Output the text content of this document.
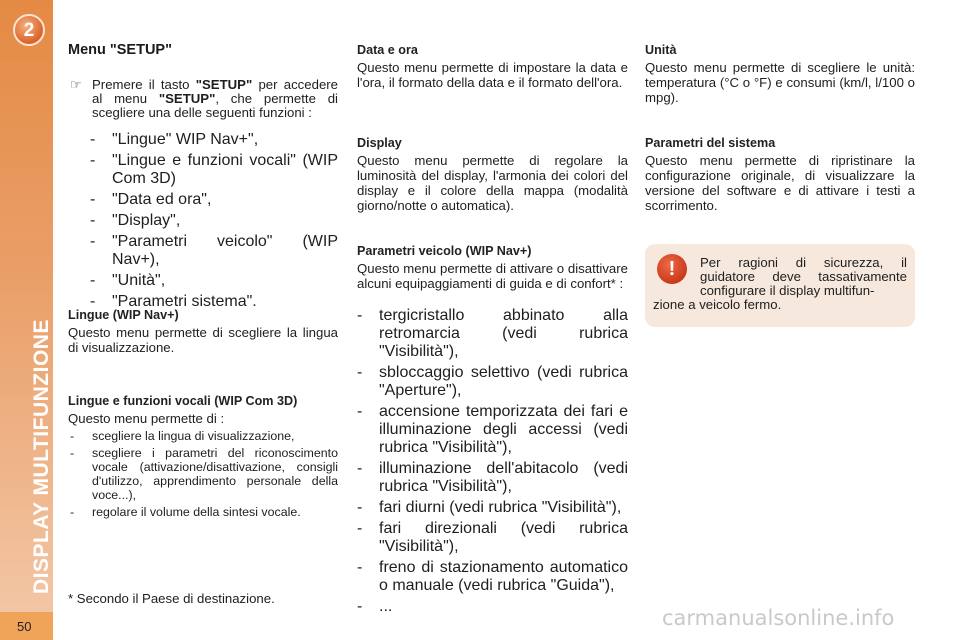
2
DISPLAY MULTIFUNZIONE
50
Menu "SETUP"
☞ Premere il tasto "SETUP" per accedere al menu "SETUP", che permette di scegliere una delle seguenti funzioni :
- "Lingue" WIP Nav+",
- "Lingue e funzioni vocali" (WIP Com 3D)
- "Data ed ora",
- "Display",
- "Parametri veicolo" (WIP Nav+),
- "Unità",
- "Parametri sistema".
Lingue (WIP Nav+)
Questo menu permette di scegliere la lingua di visualizzazione.
Lingue e funzioni vocali (WIP Com 3D)
Questo menu permette di :
- scegliere la lingua di visualizzazione,
- scegliere i parametri del riconoscimento vocale (attivazione/disattivazione, consigli d'utilizzo, apprendimento personale della voce...),
- regolare il volume della sintesi vocale.
Data e ora
Questo menu permette di impostare la data e l'ora, il formato della data e il formato dell'ora.
Display
Questo menu permette di regolare la luminosità del display, l'armonia dei colori del display e il colore della mappa (modalità giorno/notte o automatica).
Parametri veicolo (WIP Nav+)
Questo menu permette di attivare o disattivare alcuni equipaggiamenti di guida e di confort* :
- tergicristallo abbinato alla retromarcia (vedi rubrica "Visibilità"),
- sbloccaggio selettivo (vedi rubrica "Aperture"),
- accensione temporizzata dei fari e illuminazione degli accessi (vedi rubrica "Visibilità"),
- illuminazione dell'abitacolo (vedi rubrica "Visibilità"),
- fari diurni (vedi rubrica "Visibilità"),
- fari direzionali (vedi rubrica "Visibilità"),
- freno di stazionamento automatico o manuale (vedi rubrica "Guida"),
- ...
Unità
Questo menu permette di scegliere le unità: temperatura (°C o °F) e consumi (km/l, l/100 o mpg).
Parametri del sistema
Questo menu permette di ripristinare la configurazione originale, di visualizzare la versione del software e di attivare i testi a scorrimento.
!	Per ragioni di sicurezza, il guidatore deve tassativamente configurare il display multifun-
zione a veicolo fermo.
* Secondo il Paese di destinazione.
carmanualsonline.info
